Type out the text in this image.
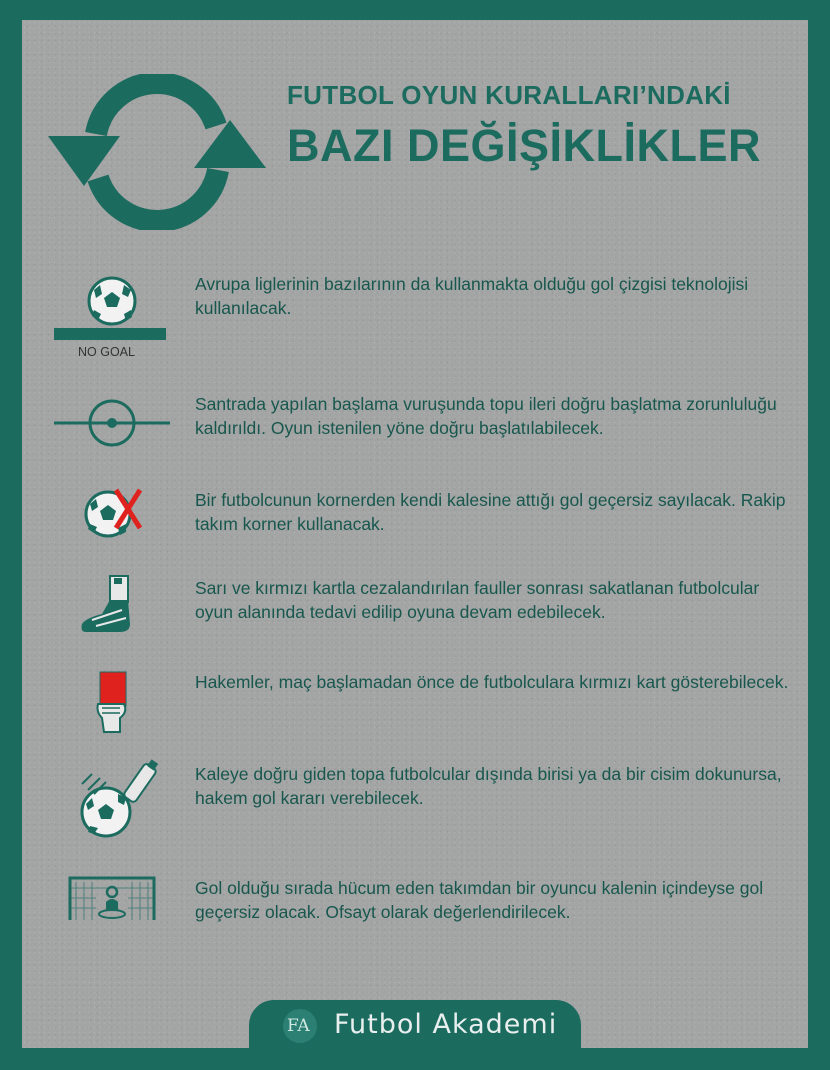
FUTBOL OYUN KURALLARI’NDAKİ
BAZI DEĞİŞİKLİKLER
NO GOAL
Avrupa liglerinin bazılarının da kullanmakta olduğu gol çizgisi teknolojisi kullanılacak.
Santrada yapılan başlama vuruşunda topu ileri doğru başlatma zorunluluğu kaldırıldı. Oyun istenilen yöne doğru başlatılabilecek.
Bir futbolcunun kornerden kendi kalesine attığı gol geçersiz sayılacak. Rakip takım korner kullanacak.
Sarı ve kırmızı kartla cezalandırılan fauller sonrası sakatlanan futbolcular oyun alanında tedavi edilip oyuna devam edebilecek.
Hakemler, maç başlamadan önce de futbolculara kırmızı kart gösterebilecek.
Kaleye doğru giden topa futbolcular dışında birisi ya da bir cisim dokunursa, hakem gol kararı verebilecek.
Gol olduğu sırada hücum eden takımdan bir oyuncu kalenin içindeyse gol geçersiz olacak. Ofsayt olarak değerlendirilecek.
FA Futbol Akademi
